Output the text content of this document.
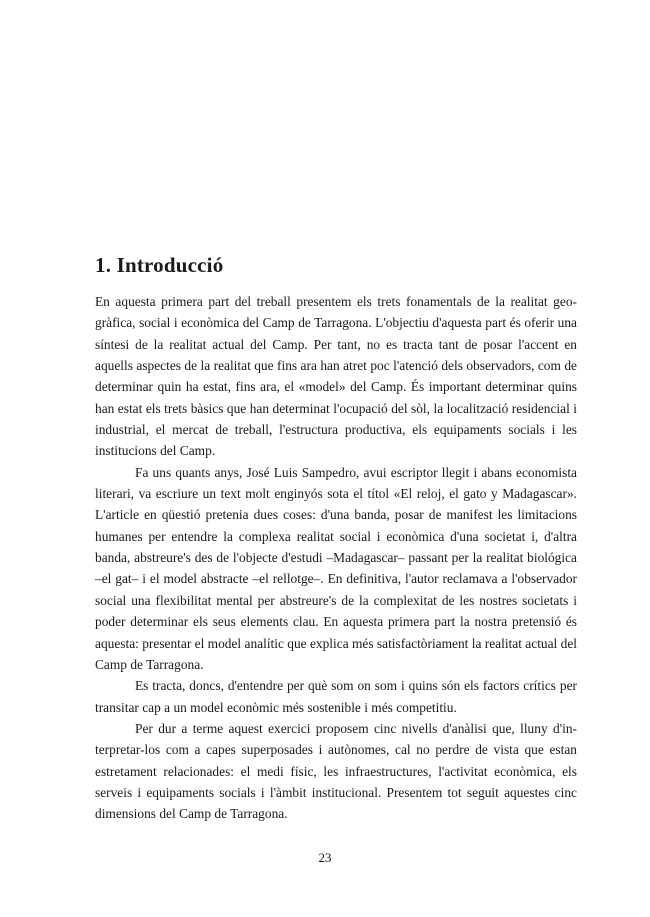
1. Introducció

En aquesta primera part del treball presentem els trets fonamentals de la realitat geogràfica, social i econòmica del Camp de Tarragona. L'objectiu d'aquesta part és oferir una síntesi de la realitat actual del Camp. Per tant, no es tracta tant de posar l'accent en aquells aspectes de la realitat que fins ara han atret poc l'atenció dels observadors, com de determinar quin ha estat, fins ara, el «model» del Camp. És important determinar quins han estat els trets bàsics que han determinat l'ocupació del sòl, la localització residencial i industrial, el mercat de treball, l'estructura productiva, els equipaments socials i les institucions del Camp.

Fa uns quants anys, José Luis Sampedro, avui escriptor llegit i abans economista literari, va escriure un text molt enginyós sota el títol «El reloj, el gato y Madagascar». L'article en qüestió pretenia dues coses: d'una banda, posar de manifest les limitacions humanes per entendre la complexa realitat social i econòmica d'una societat i, d'altra banda, abstreure's des de l'objecte d'estudi –Madagascar– passant per la realitat biológica –el gat– i el model abstracte –el rellotge–. En definitiva, l'autor reclamava a l'observador social una flexibilitat mental per abstreure's de la complexitat de les nostres societats i poder determinar els seus elements clau. En aquesta primera part la nostra pretensió és aquesta: presentar el model analític que explica més satisfactòriament la realitat actual del Camp de Tarragona.

Es tracta, doncs, d'entendre per què som on som i quins són els factors crítics per transitar cap a un model econòmic més sostenible i més competitiu.

Per dur a terme aquest exercici proposem cinc nivells d'anàlisi que, lluny d'interpretar-los com a capes superposades i autònomes, cal no perdre de vista que estan estretament relacionades: el medi físic, les infraestructures, l'activitat econòmica, els serveis i equipaments socials i l'àmbit institucional. Presentem tot seguit aquestes cinc dimensions del Camp de Tarragona.

23
